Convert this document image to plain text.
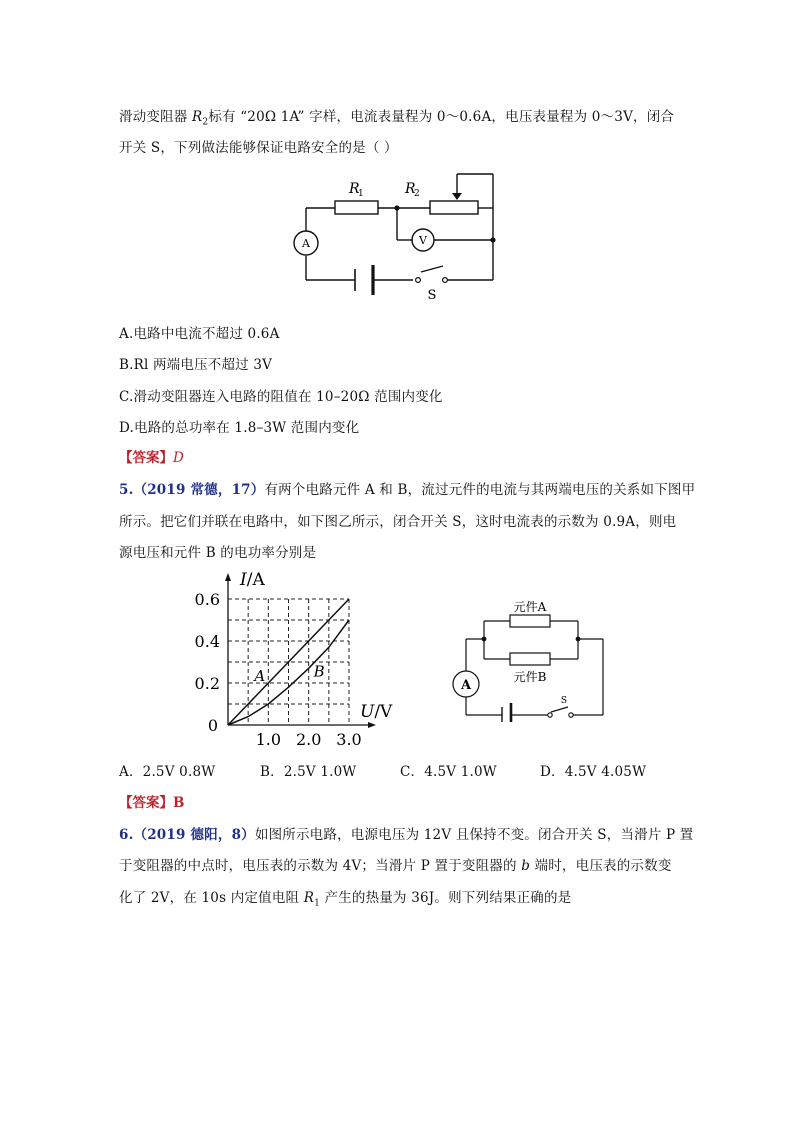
滑动变阻器 $R_2$标有 “20Ω 1A” 字样，电流表量程为 0～0.6A，电压表量程为 0～3V，闭合
开关 S，下列做法能够保证电路安全的是（ ）
R
1	R
2
A	V
S
A.电路中电流不超过 0.6A
B.Rl 两端电压不超过 3V
C.滑动变阻器连入电路的阻值在 10–20Ω 范围内变化
D.电路的总功率在 1.8–3W 范围内变化
【答案】D
5.（2019 常德，17）有两个电路元件 A 和 B，流过元件的电流与其两端电压的关系如下图甲
所示。把它们并联在电路中，如下图乙所示，闭合开关 S，这时电流表的示数为 0.9A，则电
源电压和元件 B 的电功率分别是
A	B
I/A
U/V
0.6
0.4
0.2
1.0 2.0 3.0
0
元件A
元件B
A
S
A．2.5V 0.8W	B．2.5V 1.0W	C．4.5V 1.0W	D．4.5V 4.05W
【答案】B
6.（2019 德阳，8）如图所示电路，电源电压为 12V 且保持不变。闭合开关 S，当滑片 P 置
于变阻器的中点时，电压表的示数为 4V；当滑片 P 置于变阻器的 b 端时，电压表的示数变
化了 2V，在 10s 内定值电阻 $R_1$ 产生的热量为 36J。则下列结果正确的是
